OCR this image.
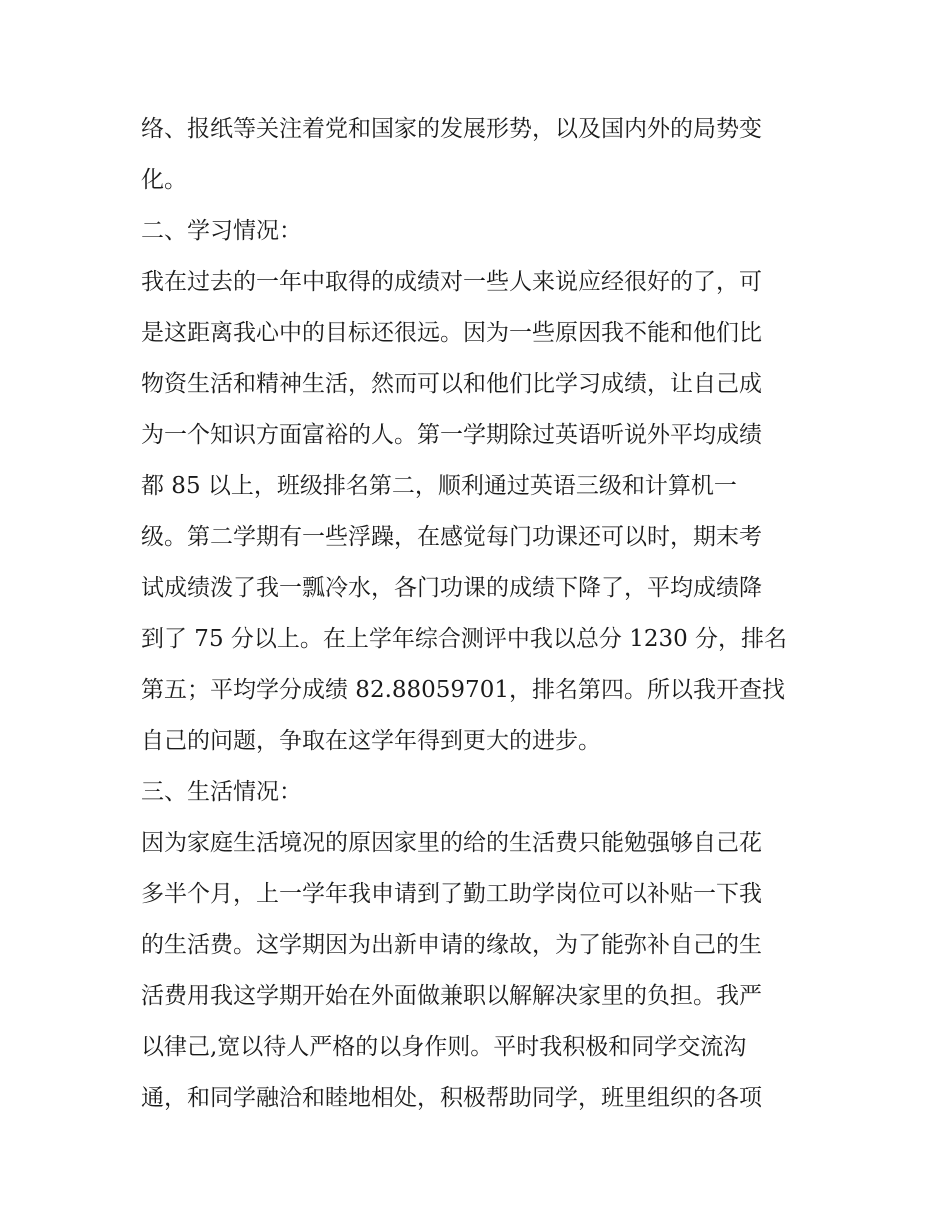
络、报纸等关注着党和国家的发展形势，以及国内外的局势变
化。
二、学习情况：
我在过去的一年中取得的成绩对一些人来说应经很好的了，可
是这距离我心中的目标还很远。因为一些原因我不能和他们比
物资生活和精神生活，然而可以和他们比学习成绩，让自己成
为一个知识方面富裕的人。第一学期除过英语听说外平均成绩
都 85 以上，班级排名第二，顺利通过英语三级和计算机一
级。第二学期有一些浮躁，在感觉每门功课还可以时，期末考
试成绩泼了我一瓢冷水，各门功课的成绩下降了，平均成绩降
到了 75 分以上。在上学年综合测评中我以总分 1230 分，排名
第五；平均学分成绩 82.88059701，排名第四。所以我开查找
自己的问题，争取在这学年得到更大的进步。
三、生活情况：
因为家庭生活境况的原因家里的给的生活费只能勉强够自己花
多半个月，上一学年我申请到了勤工助学岗位可以补贴一下我
的生活费。这学期因为出新申请的缘故，为了能弥补自己的生
活费用我这学期开始在外面做兼职以解解决家里的负担。我严
以律己,宽以待人严格的以身作则。平时我积极和同学交流沟
通，和同学融洽和睦地相处，积极帮助同学，班里组织的各项
